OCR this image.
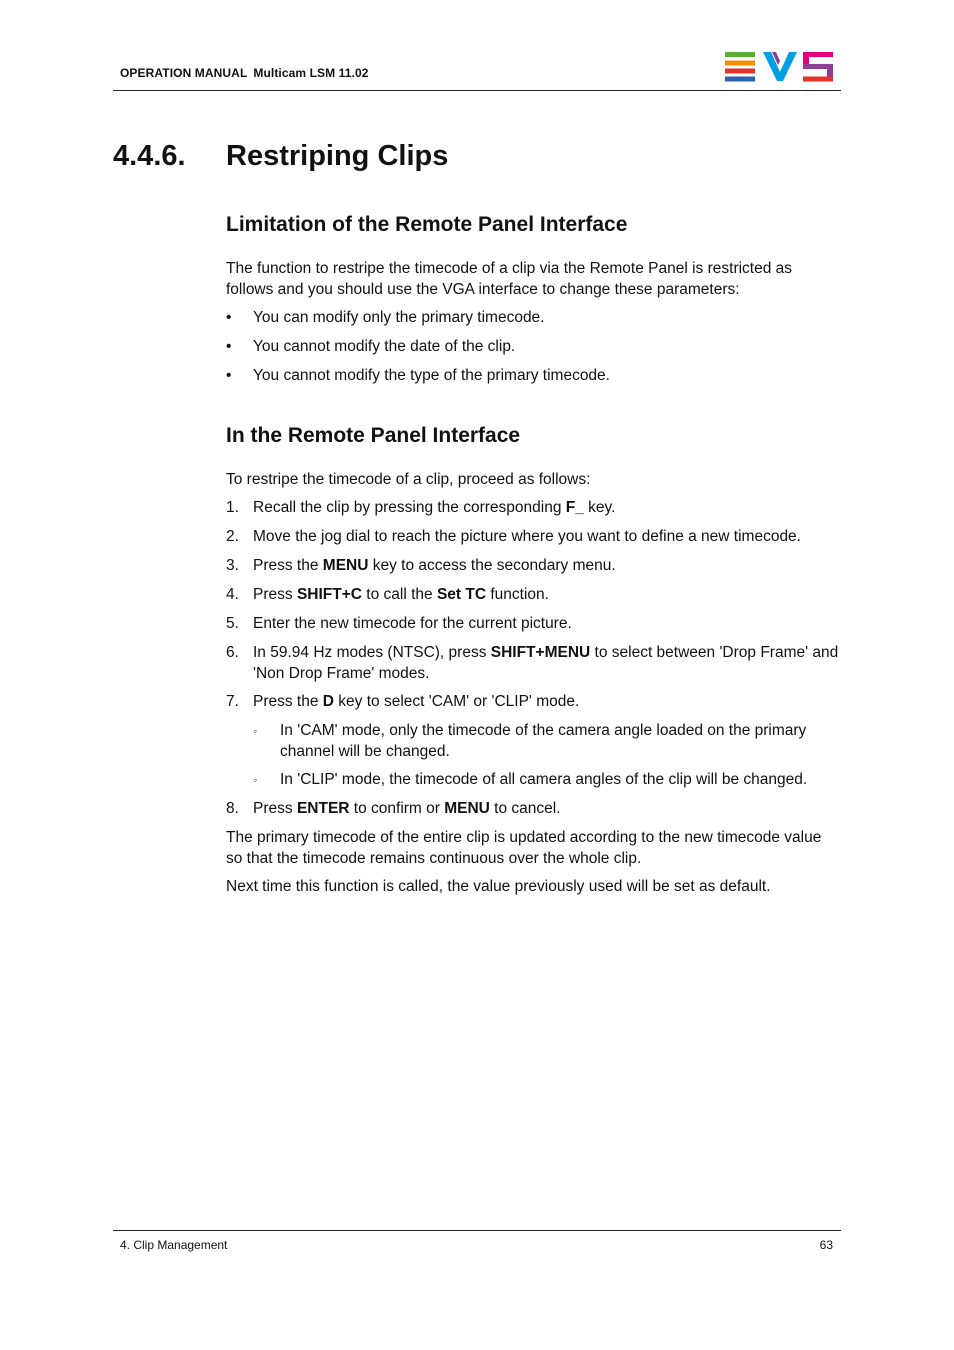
OPERATION MANUAL Multicam LSM 11.02
4.4.6. Restriping Clips
Limitation of the Remote Panel Interface

The function to restripe the timecode of a clip via the Remote Panel is restricted as follows and you should use the VGA interface to change these parameters:

• You can modify only the primary timecode.
• You cannot modify the date of the clip.
• You cannot modify the type of the primary timecode.
In the Remote Panel Interface

To restripe the timecode of a clip, proceed as follows:

1. Recall the clip by pressing the corresponding F_ key.
2. Move the jog dial to reach the picture where you want to define a new timecode.
3. Press the MENU key to access the secondary menu.
4. Press SHIFT+C to call the Set TC function.
5. Enter the new timecode for the current picture.
6. In 59.94 Hz modes (NTSC), press SHIFT+MENU to select between 'Drop Frame' and 'Non Drop Frame' modes.
7. Press the D key to select 'CAM' or 'CLIP' mode.
◦ In 'CAM' mode, only the timecode of the camera angle loaded on the primary channel will be changed.
◦ In 'CLIP' mode, the timecode of all camera angles of the clip will be changed.
8. Press ENTER to confirm or MENU to cancel.

The primary timecode of the entire clip is updated according to the new timecode value so that the timecode remains continuous over the whole clip.

Next time this function is called, the value previously used will be set as default.

4. Clip Management	63
